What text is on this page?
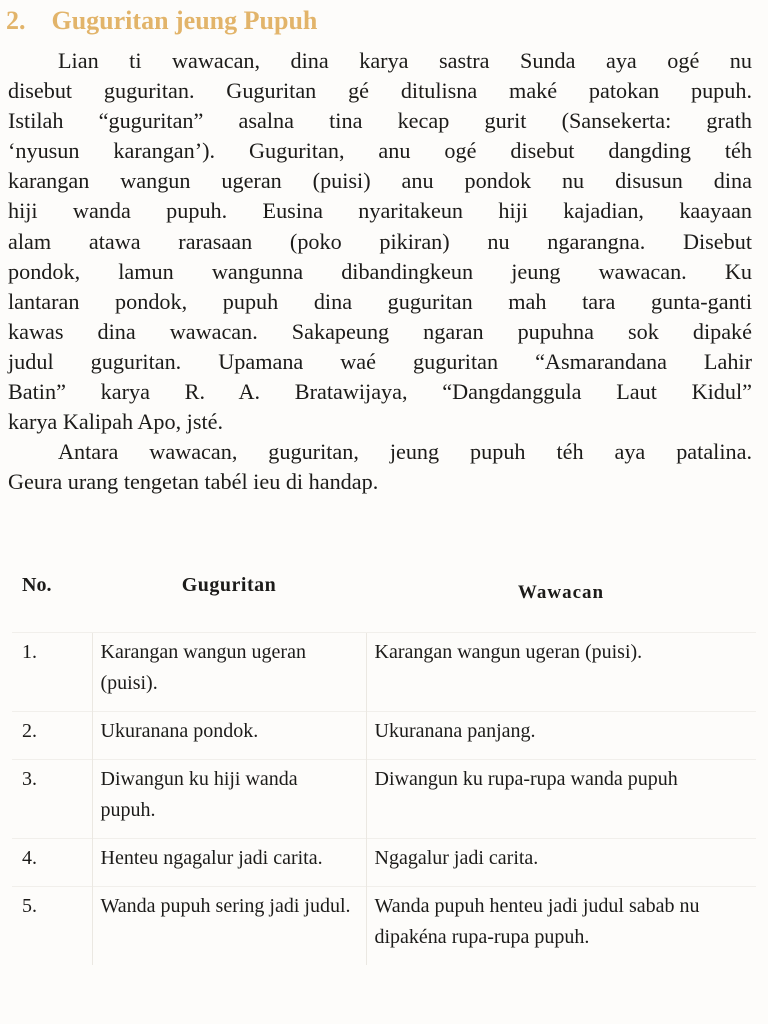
2. Guguritan jeung Pupuh
Lian ti wawacan, dina karya sastra Sunda aya ogé nu
disebut guguritan. Guguritan gé ditulisna maké patokan pupuh.
Istilah “guguritan” asalna tina kecap gurit (Sansekerta: grath
‘nyusun karangan’). Guguritan, anu ogé disebut dangding téh
karangan wangun ugeran (puisi) anu pondok nu disusun dina
hiji wanda pupuh. Eusina nyaritakeun hiji kajadian, kaayaan
alam atawa rarasaan (poko pikiran) nu ngarangna. Disebut
pondok, lamun wangunna dibandingkeun jeung wawacan. Ku
lantaran pondok, pupuh dina guguritan mah tara gunta-ganti
kawas dina wawacan. Sakapeung ngaran pupuhna sok dipaké
judul guguritan. Upamana waé guguritan “Asmarandana Lahir
Batin” karya R. A. Bratawijaya, “Dangdanggula Laut Kidul”
karya Kalipah Apo, jsté.
Antara wawacan, guguritan, jeung pupuh téh aya patalina.
Geura urang tengetan tabél ieu di handap.
No.	Guguritan	Wawacan
1.	Karangan wangun ugeran (puisi).	Karangan wangun ugeran (puisi).
2.	Ukuranana pondok.	Ukuranana panjang.
3.	Diwangun ku hiji wanda pupuh.	Diwangun ku rupa-rupa wanda pupuh
4.	Henteu ngagalur jadi carita.	Ngagalur jadi carita.
5.	Wanda pupuh sering jadi judul.	Wanda pupuh henteu jadi judul sabab nu dipakéna rupa-rupa pupuh.
